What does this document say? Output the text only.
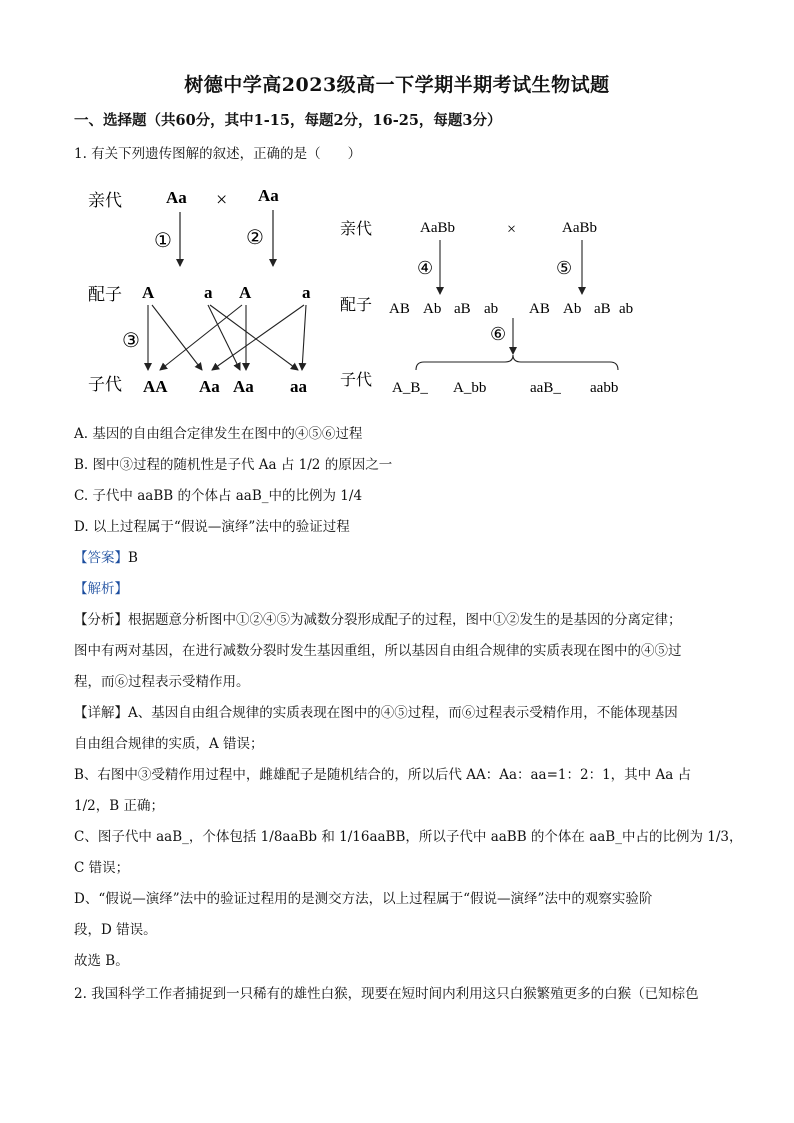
树德中学高2023级高一下学期半期考试生物试题
一、选择题（共60分，其中1-15，每题2分，16-25，每题3分）
1. 有关下列遗传图解的叙述，正确的是（　　）
亲代	Aa × Aa
①	②
配子 A	a A	a
③
子代 AA Aa Aa aa
亲代	AaBb	×	AaBb
④	⑤
配子 AB Ab aB ab AB Ab aB ab
⑥
子代 A_B_ A_bb	aaB_ aabb
A. 基因的自由组合定律发生在图中的④⑤⑥过程
B. 图中③过程的随机性是子代 Aa 占 1/2 的原因之一
C. 子代中 aaBB 的个体占 aaB_中的比例为 1/4
D. 以上过程属于“假说—演绎”法中的验证过程
【答案】B
【解析】
【分析】根据题意分析图中①②④⑤为减数分裂形成配子的过程，图中①②发生的是基因的分离定律；
图中有两对基因，在进行减数分裂时发生基因重组，所以基因自由组合规律的实质表现在图中的④⑤过
程，而⑥过程表示受精作用。
【详解】A、基因自由组合规律的实质表现在图中的④⑤过程，而⑥过程表示受精作用，不能体现基因
自由组合规律的实质，A 错误；
B、右图中③受精作用过程中，雌雄配子是随机结合的，所以后代 AA：Aa：aa=1：2：1，其中 Aa 占
1/2，B 正确；
C、图子代中 aaB_，个体包括 1/8aaBb 和 1/16aaBB，所以子代中 aaBB 的个体在 aaB_中占的比例为 1/3，
C 错误；
D、“假说—演绎”法中的验证过程用的是测交方法，以上过程属于“假说—演绎”法中的观察实验阶
段，D 错误。
故选 B。
2. 我国科学工作者捕捉到一只稀有的雄性白猴，现要在短时间内利用这只白猴繁殖更多的白猴（已知棕色
